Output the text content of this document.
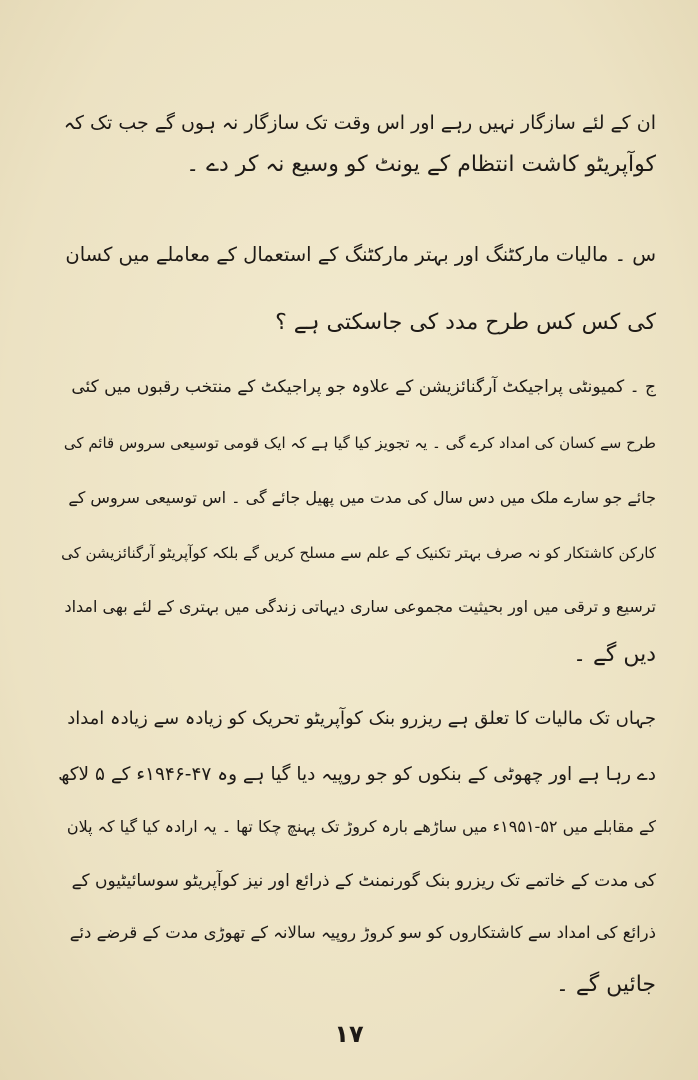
ان کے لئے سازگار نہیں رہے اور اس وقت تک سازگار نہ ہوں گے جب تک کہ
کوآپریٹو کاشت انتظام کے یونٹ کو وسیع نہ کر دے ۔
س ۔ مالیات مارکٹنگ اور بہتر مارکٹنگ کے استعمال کے معاملے میں کسان
کی کس کس طرح مدد کی جاسکتی ہے ؟
ج ۔ کمیونٹی پراجیکٹ آرگنائزیشن کے علاوہ جو پراجیکٹ کے منتخب رقبوں میں کئی
طرح سے کسان کی امداد کرے گی ۔ یہ تجویز کیا گیا ہے کہ ایک قومی توسیعی سروس قائم کی
جائے جو سارے ملک میں دس سال کی مدت میں پھیل جائے گی ۔ اس توسیعی سروس کے
کارکن کاشتکار کو نہ صرف بہتر تکنیک کے علم سے مسلح کریں گے بلکہ کوآپریٹو آرگنائزیشن کی
ترسیع و ترقی میں اور بحیثیت مجموعی ساری دیہاتی زندگی میں بہتری کے لئے بھی امداد
دیں گے ۔
جہاں تک مالیات کا تعلق ہے ریزرو بنک کوآپریٹو تحریک کو زیادہ سے زیادہ امداد
دے رہا ہے اور چھوٹی کے بنکوں کو جو روپیہ دیا گیا ہے وہ ۴۷-۱۹۴۶ء کے ۵ لاکھ
کے مقابلے میں ۵۲-۱۹۵۱ء میں ساڑھے بارہ کروڑ تک پہنچ چکا تھا ۔ یہ ارادہ کیا گیا کہ پلان
کی مدت کے خاتمے تک ریزرو بنک گورنمنٹ کے ذرائع اور نیز کوآپریٹو سوسائیٹیوں کے
ذرائع کی امداد سے کاشتکاروں کو سو کروڑ روپیہ سالانہ کے تھوڑی مدت کے قرضے دئے
جائیں گے ۔
۱۷
